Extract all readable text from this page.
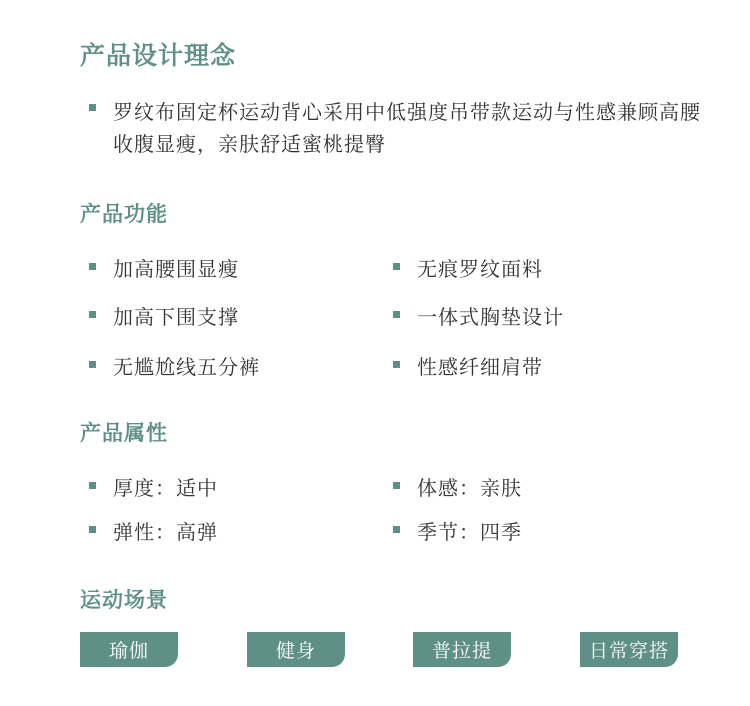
产品设计理念
罗纹布固定杯运动背心采用中低强度吊带款运动与性感兼顾高腰收腹显瘦，亲肤舒适蜜桃提臀
产品功能
加高腰围显瘦	无痕罗纹面料
加高下围支撑	一体式胸垫设计
无尴尬线五分裤	性感纤细肩带
产品属性
厚度：适中	体感：亲肤
弹性：高弹	季节：四季
运动场景
瑜伽	健身	普拉提	日常穿搭
